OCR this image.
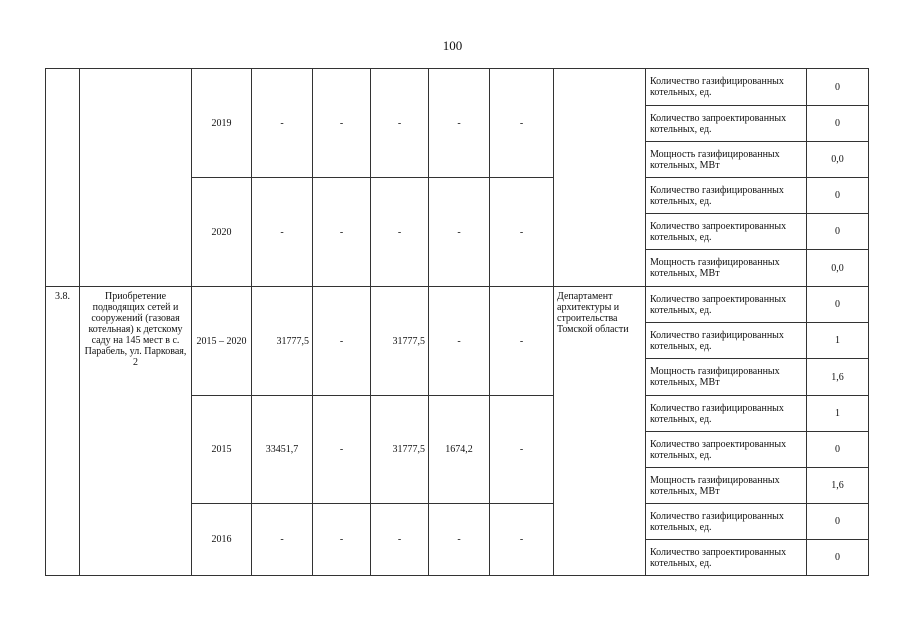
100
		2019	-	-	-	-	-		Количество газифицированных котельных, ед.	0
									Количество запроектированных котельных, ед.	0
									Мощность газифицированных котельных, МВт	0,0
		2020	-	-	-	-	-		Количество газифицированных котельных, ед.	0
									Количество запроектированных котельных, ед.	0
									Мощность газифицированных котельных, МВт	0,0
3.8.	Приобретение подводящих сетей и сооружений (газовая котельная) к детскому саду на 145 мест в с. Парабель, ул. Парковая, 2	2015 – 2020	31777,5	-	31777,5	-	-	Департамент архитектуры и строительства Томской области	Количество запроектированных котельных, ед.	0
									Количество газифицированных котельных, ед.	1
									Мощность газифицированных котельных, МВт	1,6
		2015	33451,7	-	31777,5	1674,2	-		Количество газифицированных котельных, ед.	1
									Количество запроектированных котельных, ед.	0
									Мощность газифицированных котельных, МВт	1,6
		2016	-	-	-	-	-		Количество газифицированных котельных, ед.	0
									Количество запроектированных котельных, ед.	0
